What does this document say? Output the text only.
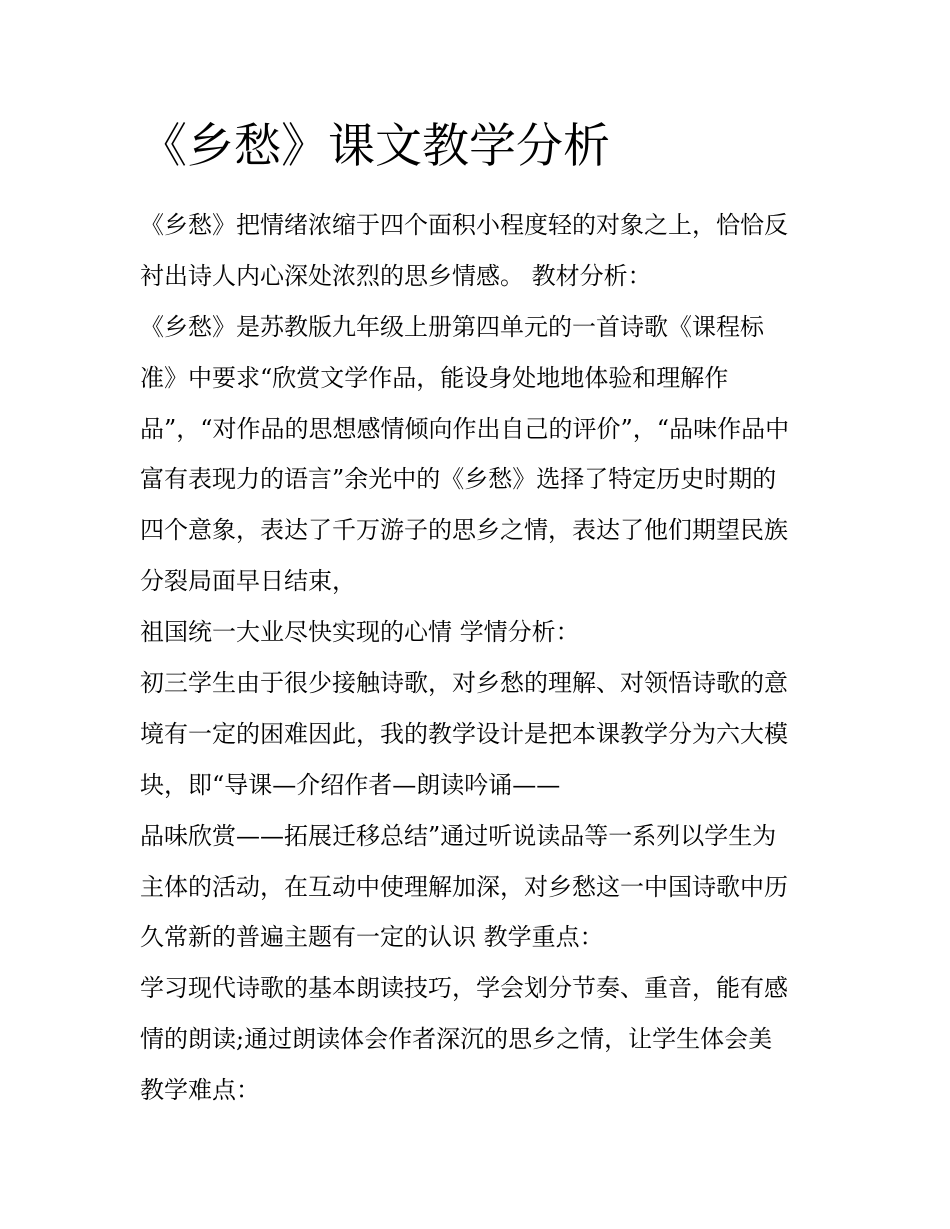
《乡愁》课文教学分析

《乡愁》把情绪浓缩于四个面积小程度轻的对象之上，恰恰反

衬出诗人内心深处浓烈的思乡情感。 教材分析：

《乡愁》是苏教版九年级上册第四单元的一首诗歌《课程标

准》中要求“欣赏文学作品，能设身处地地体验和理解作

品”，“对作品的思想感情倾向作出自己的评价”，“品味作品中

富有表现力的语言”余光中的《乡愁》选择了特定历史时期的

四个意象，表达了千万游子的思乡之情，表达了他们期望民族

分裂局面早日结束，

祖国统一大业尽快实现的心情 学情分析：

初三学生由于很少接触诗歌，对乡愁的理解、对领悟诗歌的意

境有一定的困难因此，我的教学设计是把本课教学分为六大模

块，即“导课—介绍作者—朗读吟诵——

品味欣赏——拓展迁移总结”通过听说读品等一系列以学生为

主体的活动，在互动中使理解加深，对乡愁这一中国诗歌中历

久常新的普遍主题有一定的认识 教学重点：

学习现代诗歌的基本朗读技巧，学会划分节奏、重音，能有感

情的朗读;通过朗读体会作者深沉的思乡之情，让学生体会美

教学难点：
